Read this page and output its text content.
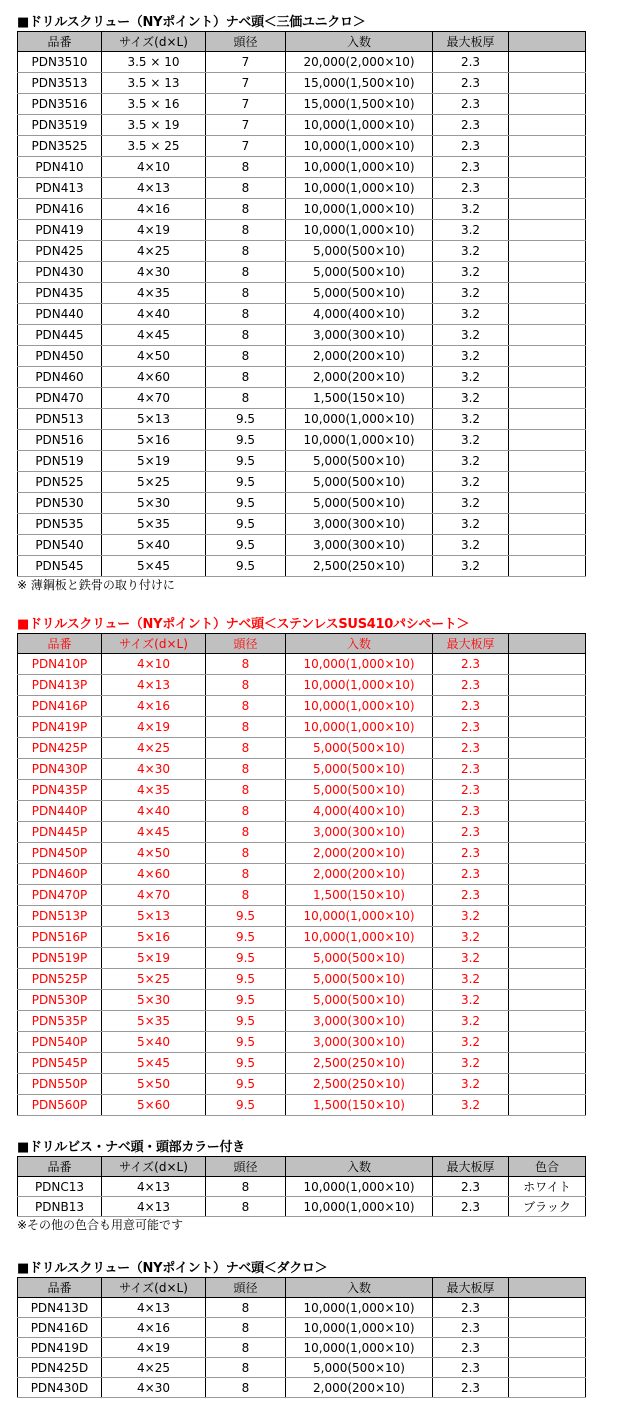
■ドリルスクリュー（NYポイント）ナベ頭＜三価ユニクロ＞
品番	サイズ(d×L)	頭径	入数	最大板厚	
PDN3510	3.5 × 10	7	20,000(2,000×10)	2.3	
PDN3513	3.5 × 13	7	15,000(1,500×10)	2.3	
PDN3516	3.5 × 16	7	15,000(1,500×10)	2.3	
PDN3519	3.5 × 19	7	10,000(1,000×10)	2.3	
PDN3525	3.5 × 25	7	10,000(1,000×10)	2.3	
PDN410	4×10	8	10,000(1,000×10)	2.3	
PDN413	4×13	8	10,000(1,000×10)	2.3	
PDN416	4×16	8	10,000(1,000×10)	3.2	
PDN419	4×19	8	10,000(1,000×10)	3.2	
PDN425	4×25	8	5,000(500×10)	3.2	
PDN430	4×30	8	5,000(500×10)	3.2	
PDN435	4×35	8	5,000(500×10)	3.2	
PDN440	4×40	8	4,000(400×10)	3.2	
PDN445	4×45	8	3,000(300×10)	3.2	
PDN450	4×50	8	2,000(200×10)	3.2	
PDN460	4×60	8	2,000(200×10)	3.2	
PDN470	4×70	8	1,500(150×10)	3.2	
PDN513	5×13	9.5	10,000(1,000×10)	3.2	
PDN516	5×16	9.5	10,000(1,000×10)	3.2	
PDN519	5×19	9.5	5,000(500×10)	3.2	
PDN525	5×25	9.5	5,000(500×10)	3.2	
PDN530	5×30	9.5	5,000(500×10)	3.2	
PDN535	5×35	9.5	3,000(300×10)	3.2	
PDN540	5×40	9.5	3,000(300×10)	3.2	
PDN545	5×45	9.5	2,500(250×10)	3.2	
※ 薄鋼板と鉄骨の取り付けに
■ドリルスクリュー（NYポイント）ナベ頭＜ステンレスSUS410パシペート＞
品番	サイズ(d×L)	頭径	入数	最大板厚	
PDN410P	4×10	8	10,000(1,000×10)	2.3	
PDN413P	4×13	8	10,000(1,000×10)	2.3	
PDN416P	4×16	8	10,000(1,000×10)	2.3	
PDN419P	4×19	8	10,000(1,000×10)	2.3	
PDN425P	4×25	8	5,000(500×10)	2.3	
PDN430P	4×30	8	5,000(500×10)	2.3	
PDN435P	4×35	8	5,000(500×10)	2.3	
PDN440P	4×40	8	4,000(400×10)	2.3	
PDN445P	4×45	8	3,000(300×10)	2.3	
PDN450P	4×50	8	2,000(200×10)	2.3	
PDN460P	4×60	8	2,000(200×10)	2.3	
PDN470P	4×70	8	1,500(150×10)	2.3	
PDN513P	5×13	9.5	10,000(1,000×10)	3.2	
PDN516P	5×16	9.5	10,000(1,000×10)	3.2	
PDN519P	5×19	9.5	5,000(500×10)	3.2	
PDN525P	5×25	9.5	5,000(500×10)	3.2	
PDN530P	5×30	9.5	5,000(500×10)	3.2	
PDN535P	5×35	9.5	3,000(300×10)	3.2	
PDN540P	5×40	9.5	3,000(300×10)	3.2	
PDN545P	5×45	9.5	2,500(250×10)	3.2	
PDN550P	5×50	9.5	2,500(250×10)	3.2	
PDN560P	5×60	9.5	1,500(150×10)	3.2	
■ドリルビス・ナベ頭・頭部カラー付き
品番	サイズ(d×L)	頭径	入数	最大板厚	色合
PDNC13	4×13	8	10,000(1,000×10)	2.3	ホワイト
PDNB13	4×13	8	10,000(1,000×10)	2.3	ブラック
※その他の色合も用意可能です
■ドリルスクリュー（NYポイント）ナベ頭＜ダクロ＞
品番	サイズ(d×L)	頭径	入数	最大板厚	
PDN413D	4×13	8	10,000(1,000×10)	2.3	
PDN416D	4×16	8	10,000(1,000×10)	2.3	
PDN419D	4×19	8	10,000(1,000×10)	2.3	
PDN425D	4×25	8	5,000(500×10)	2.3	
PDN430D	4×30	8	2,000(200×10)	2.3	
